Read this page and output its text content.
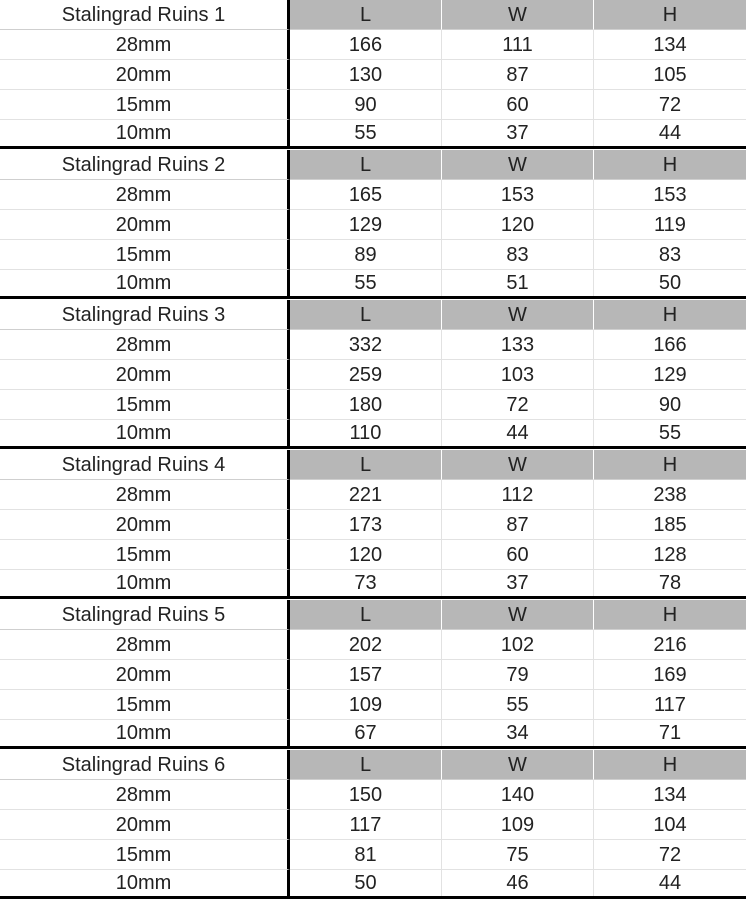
Stalingrad Ruins 1	L	W	H
28mm	166	111	134
20mm	130	87	105
15mm	90	60	72
10mm	55	37	44
Stalingrad Ruins 2	L	W	H
28mm	165	153	153
20mm	129	120	119
15mm	89	83	83
10mm	55	51	50
Stalingrad Ruins 3	L	W	H
28mm	332	133	166
20mm	259	103	129
15mm	180	72	90
10mm	110	44	55
Stalingrad Ruins 4	L	W	H
28mm	221	112	238
20mm	173	87	185
15mm	120	60	128
10mm	73	37	78
Stalingrad Ruins 5	L	W	H
28mm	202	102	216
20mm	157	79	169
15mm	109	55	117
10mm	67	34	71
Stalingrad Ruins 6	L	W	H
28mm	150	140	134
20mm	117	109	104
15mm	81	75	72
10mm	50	46	44
